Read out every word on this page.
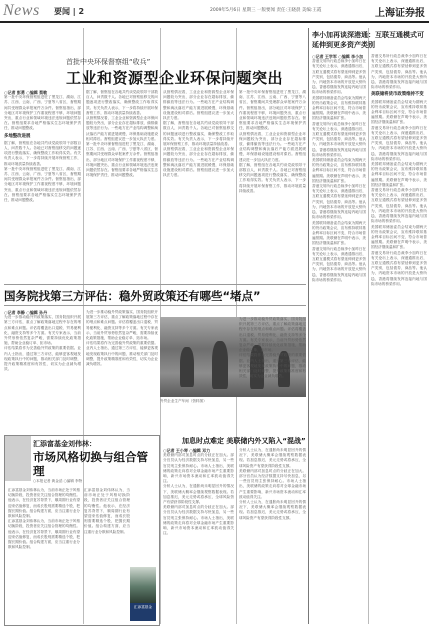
News 要闻 | 2	2009年5月6日 星期三 一版要闻 责任:王晓晨 美编:王霞	上海证券报
首批中央环保督察组“收兵”
工业和资源型企业环保问题突出
○记者 彭勇 ○编辑 蔡敏
第一批中央环保督察组进驻了黑龙江、湖南、江苏、江西、云南、广西、宁夏等八省区，督察期间共受理群众举报案件万余件。督察组指出，部分地区对环境保护工作重视程度不够，环境问题突出，重点行业和领域环境违法违规问题依然存在。督察组要求各地严格落实生态环境保护责任，推动问题整改。
多地整改进展
据了解，督察组在各地共约谈党政领导干部数百人，问责数千人。各地已对督察组移交的问题逐项进行整改落实，确保整改工作取得实效。有关负责人表示，下一步将持续开展环保督察工作，推动环境质量持续改善。
第一批中央环保督察组进驻了黑龙江、湖南、江苏、江西、云南、广西、宁夏等八省区，督察期间共受理群众举报案件万余件。督察组指出，部分地区对环境保护工作重视程度不够，环境问题突出，重点行业和领域环境违法违规问题依然存在。督察组要求各地严格落实生态环境保护责任，推动问题整改。
据了解，督察组在各地共约谈党政领导干部数百人，问责数千人。各地已对督察组移交的问题逐项进行整改落实，确保整改工作取得实效。有关负责人表示，下一步将持续开展环保督察工作，推动环境质量持续改善。
从督察情况看，工业企业和资源型企业环保问题较为突出，部分企业存在超标排放、偷排偷放等违法行为。一些地方在产业结构调整和淘汰落后产能方面进展缓慢，环保基础设施建设相对滞后。督察组建议进一步加大执法力度。
第一批中央环保督察组进驻了黑龙江、湖南、江苏、江西、云南、广西、宁夏等八省区，督察期间共受理群众举报案件万余件。督察组指出，部分地区对环境保护工作重视程度不够，环境问题突出，重点行业和领域环境违法违规问题依然存在。督察组要求各地严格落实生态环境保护责任，推动问题整改。
从督察情况看，工业企业和资源型企业环保问题较为突出，部分企业存在超标排放、偷排偷放等违法行为。一些地方在产业结构调整和淘汰落后产能方面进展缓慢，环保基础设施建设相对滞后。督察组建议进一步加大执法力度。
据了解，督察组在各地共约谈党政领导干部数百人，问责数千人。各地已对督察组移交的问题逐项进行整改落实，确保整改工作取得实效。有关负责人表示，下一步将持续开展环保督察工作，推动环境质量持续改善。
从督察情况看，工业企业和资源型企业环保问题较为突出，部分企业存在超标排放、偷排偷放等违法行为。一些地方在产业结构调整和淘汰落后产能方面进展缓慢，环保基础设施建设相对滞后。督察组建议进一步加大执法力度。
第一批中央环保督察组进驻了黑龙江、湖南、江苏、江西、云南、广西、宁夏等八省区，督察期间共受理群众举报案件万余件。督察组指出，部分地区对环境保护工作重视程度不够，环境问题突出，重点行业和领域环境违法违规问题依然存在。督察组要求各地严格落实生态环境保护责任，推动问题整改。
从督察情况看，工业企业和资源型企业环保问题较为突出，部分企业存在超标排放、偷排偷放等违法行为。一些地方在产业结构调整和淘汰落后产能方面进展缓慢，环保基础设施建设相对滞后。督察组建议进一步加大执法力度。
据了解，督察组在各地共约谈党政领导干部数百人，问责数千人。各地已对督察组移交的问题逐项进行整改落实，确保整改工作取得实效。有关负责人表示，下一步将持续开展环保督察工作，推动环境质量持续改善。
李小加再谈深港通：互联互通模式可延伸到更多资产类别
○记者 王学军 ○编辑 李小加
香港交易所行政总裁李小加昨日在有关论坛上表示，深港通推出后，互联互通模式将有望延伸到更多资产类别，包括债券、商品等。他认为，内地资本市场的开放是大势所趋，香港将继续发挥连接内地与国际市场的桥梁作用。
美国联邦储备委员会结束为期两天的货币政策会议，宣布维持联邦基金利率目标区间不变，符合市场普遍预期。美联储在声明中表示，美国经济继续温和扩张。
香港交易所行政总裁李小加昨日在有关论坛上表示，深港通推出后，互联互通模式将有望延伸到更多资产类别，包括债券、商品等。他认为，内地资本市场的开放是大势所趋，香港将继续发挥连接内地与国际市场的桥梁作用。
美国联邦储备委员会结束为期两天的货币政策会议，宣布维持联邦基金利率目标区间不变，符合市场普遍预期。美联储在声明中表示，美国经济继续温和扩张。
香港交易所行政总裁李小加昨日在有关论坛上表示，深港通推出后，互联互通模式将有望延伸到更多资产类别，包括债券、商品等。他认为，内地资本市场的开放是大势所趋，香港将继续发挥连接内地与国际市场的桥梁作用。
美国联邦储备委员会结束为期两天的货币政策会议，宣布维持联邦基金利率目标区间不变，符合市场普遍预期。美联储在声明中表示，美国经济继续温和扩张。
香港交易所行政总裁李小加昨日在有关论坛上表示，深港通推出后，互联互通模式将有望延伸到更多资产类别，包括债券、商品等。他认为，内地资本市场的开放是大势所趋，香港将继续发挥连接内地与国际市场的桥梁作用。
香港交易所行政总裁李小加昨日在有关论坛上表示，深港通推出后，互联互通模式将有望延伸到更多资产类别，包括债券、商品等。他认为，内地资本市场的开放是大势所趋，香港将继续发挥连接内地与国际市场的桥梁作用。
美联储将货币政策维持不变
美国联邦储备委员会结束为期两天的货币政策会议，宣布维持联邦基金利率目标区间不变，符合市场普遍预期。美联储在声明中表示，美国经济继续温和扩张。
香港交易所行政总裁李小加昨日在有关论坛上表示，深港通推出后，互联互通模式将有望延伸到更多资产类别，包括债券、商品等。他认为，内地资本市场的开放是大势所趋，香港将继续发挥连接内地与国际市场的桥梁作用。
美国联邦储备委员会结束为期两天的货币政策会议，宣布维持联邦基金利率目标区间不变，符合市场普遍预期。美联储在声明中表示，美国经济继续温和扩张。
香港交易所行政总裁李小加昨日在有关论坛上表示，深港通推出后，互联互通模式将有望延伸到更多资产类别，包括债券、商品等。他认为，内地资本市场的开放是大势所趋，香港将继续发挥连接内地与国际市场的桥梁作用。
美国联邦储备委员会结束为期两天的货币政策会议，宣布维持联邦基金利率目标区间不变，符合市场普遍预期。美联储在声明中表示，美国经济继续温和扩张。
香港交易所行政总裁李小加昨日在有关论坛上表示，深港通推出后，互联互通模式将有望延伸到更多资产类别，包括债券、商品等。他认为，内地资本市场的开放是大势所趋，香港将继续发挥连接内地与国际市场的桥梁作用。
国务院找第三方评估：稳外贸政策还有哪些“堵点”
○记者 李静 ○编辑 孙丹
为进一步推动稳外贸政策落实，国务院组织开展第三方评估，重点了解政策落地过程中存在的堵点和难点问题。评估将覆盖出口退税、贸易便利化、融资支持等多个方面。有关专家表示，当前外贸形势依然复杂严峻，需要持续优化政策措施，帮助企业稳订单、拓市场。
评估结果将作为完善稳外贸政策的重要依据。业内人士指出，通过第三方评估，能够更客观地发现政策执行中的问题，推动相关部门及时调整，提升政策精准度和有效性，切实为企业减负增效。
为进一步推动稳外贸政策落实，国务院组织开展第三方评估，重点了解政策落地过程中存在的堵点和难点问题。评估将覆盖出口退税、贸易便利化、融资支持等多个方面。有关专家表示，当前外贸形势依然复杂严峻，需要持续优化政策措施，帮助企业稳订单、拓市场。
评估结果将作为完善稳外贸政策的重要依据。业内人士指出，通过第三方评估，能够更客观地发现政策执行中的问题，推动相关部门及时调整，提升政策精准度和有效性，切实为企业减负增效。
外贸企业生产车间（资料图）
为进一步推动稳外贸政策落实，国务院组织开展第三方评估，重点了解政策落地过程中存在的堵点和难点问题。评估将覆盖出口退税、贸易便利化、融资支持等多个方面。有关专家表示，当前外贸形势依然复杂严峻，需要持续优化政策措施，帮助企业稳订单、拓市场。
评估结果将作为完善稳外贸政策的重要依据。业内人士指出，通过第三方评估，能够更客观地发现政策执行中的问题，推动相关部门及时调整，提升政策精准度和有效性，切实为企业减负增效。
汇添富基金刘伟林：
市场风格切换与组合管理
○本报记者 黄金滔 ○编辑 李特
汇添富基金刘伟林认为，当前市场正处于风格切换阶段，投资者应关注组合管理的均衡性。他表示，在经济复苏背景下，顺周期行业有望迎来估值修复，而成长股则需要精选个股，把握长期价值。组合构建方面，应当注重行业分散和风险控制。
汇添富基金刘伟林认为，当前市场正处于风格切换阶段，投资者应关注组合管理的均衡性。他表示，在经济复苏背景下，顺周期行业有望迎来估值修复，而成长股则需要精选个股，把握长期价值。组合构建方面，应当注重行业分散和风险控制。
汇添富基金刘伟林认为，当前市场正处于风格切换阶段，投资者应关注组合管理的均衡性。他表示，在经济复苏背景下，顺周期行业有望迎来估值修复，而成长股则需要精选个股，把握长期价值。组合构建方面，应当注重行业分散和风险控制。
汇添富基金
加息时点难定 美联储内外又陷入“混战”
○记者 王小琴 ○编辑 邓力
美联储内部对加息时点的分歧正在加大。部分官员认为经济数据支持尽快加息，另一些官员则主张保持耐心。市场人士指出，美联储的政策走向将对全球金融市场产生重要影响，新兴市场资本流动和汇率波动值得关注。
分析人士认为，在通胀尚未明显回升的情况下，美联储大概率会继续观察数据表现。若加息推迟，美元走势或将承压，全球风险资产有望获得阶段性支撑。
美联储内部对加息时点的分歧正在加大。部分官员认为经济数据支持尽快加息，另一些官员则主张保持耐心。市场人士指出，美联储的政策走向将对全球金融市场产生重要影响，新兴市场资本流动和汇率波动值得关注。
分析人士认为，在通胀尚未明显回升的情况下，美联储大概率会继续观察数据表现。若加息推迟，美元走势或将承压，全球风险资产有望获得阶段性支撑。
美联储内部对加息时点的分歧正在加大。部分官员认为经济数据支持尽快加息，另一些官员则主张保持耐心。市场人士指出，美联储的政策走向将对全球金融市场产生重要影响，新兴市场资本流动和汇率波动值得关注。
分析人士认为，在通胀尚未明显回升的情况下，美联储大概率会继续观察数据表现。若加息推迟，美元走势或将承压，全球风险资产有望获得阶段性支撑。
